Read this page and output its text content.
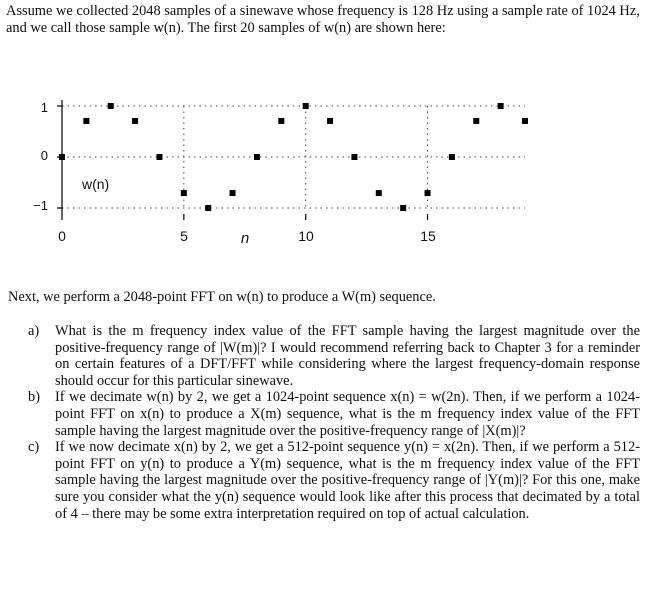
Assume we collected 2048 samples of a sinewave whose frequency is 128 Hz using a sample rate of 1024 Hz, and we call those sample w(n). The first 20 samples of w(n) are shown here:

1
0
−1
0	5	10	15
n
w(n)

Next, we perform a 2048-point FFT on w(n) to produce a W(m) sequence.

a) What is the m frequency index value of the FFT sample having the largest magnitude over the positive-frequency range of |W(m)|? I would recommend referring back to Chapter 3 for a reminder on certain features of a DFT/FFT while considering where the largest frequency-domain response should occur for this particular sinewave.
b) If we decimate w(n) by 2, we get a 1024-point sequence x(n) = w(2n). Then, if we perform a 1024-point FFT on x(n) to produce a X(m) sequence, what is the m frequency index value of the FFT sample having the largest magnitude over the positive-frequency range of |X(m)|?
c) If we now decimate x(n) by 2, we get a 512-point sequence y(n) = x(2n). Then, if we perform a 512-point FFT on y(n) to produce a Y(m) sequence, what is the m frequency index value of the FFT sample having the largest magnitude over the positive-frequency range of |Y(m)|? For this one, make sure you consider what the y(n) sequence would look like after this process that decimated by a total of 4 – there may be some extra interpretation required on top of actual calculation.
